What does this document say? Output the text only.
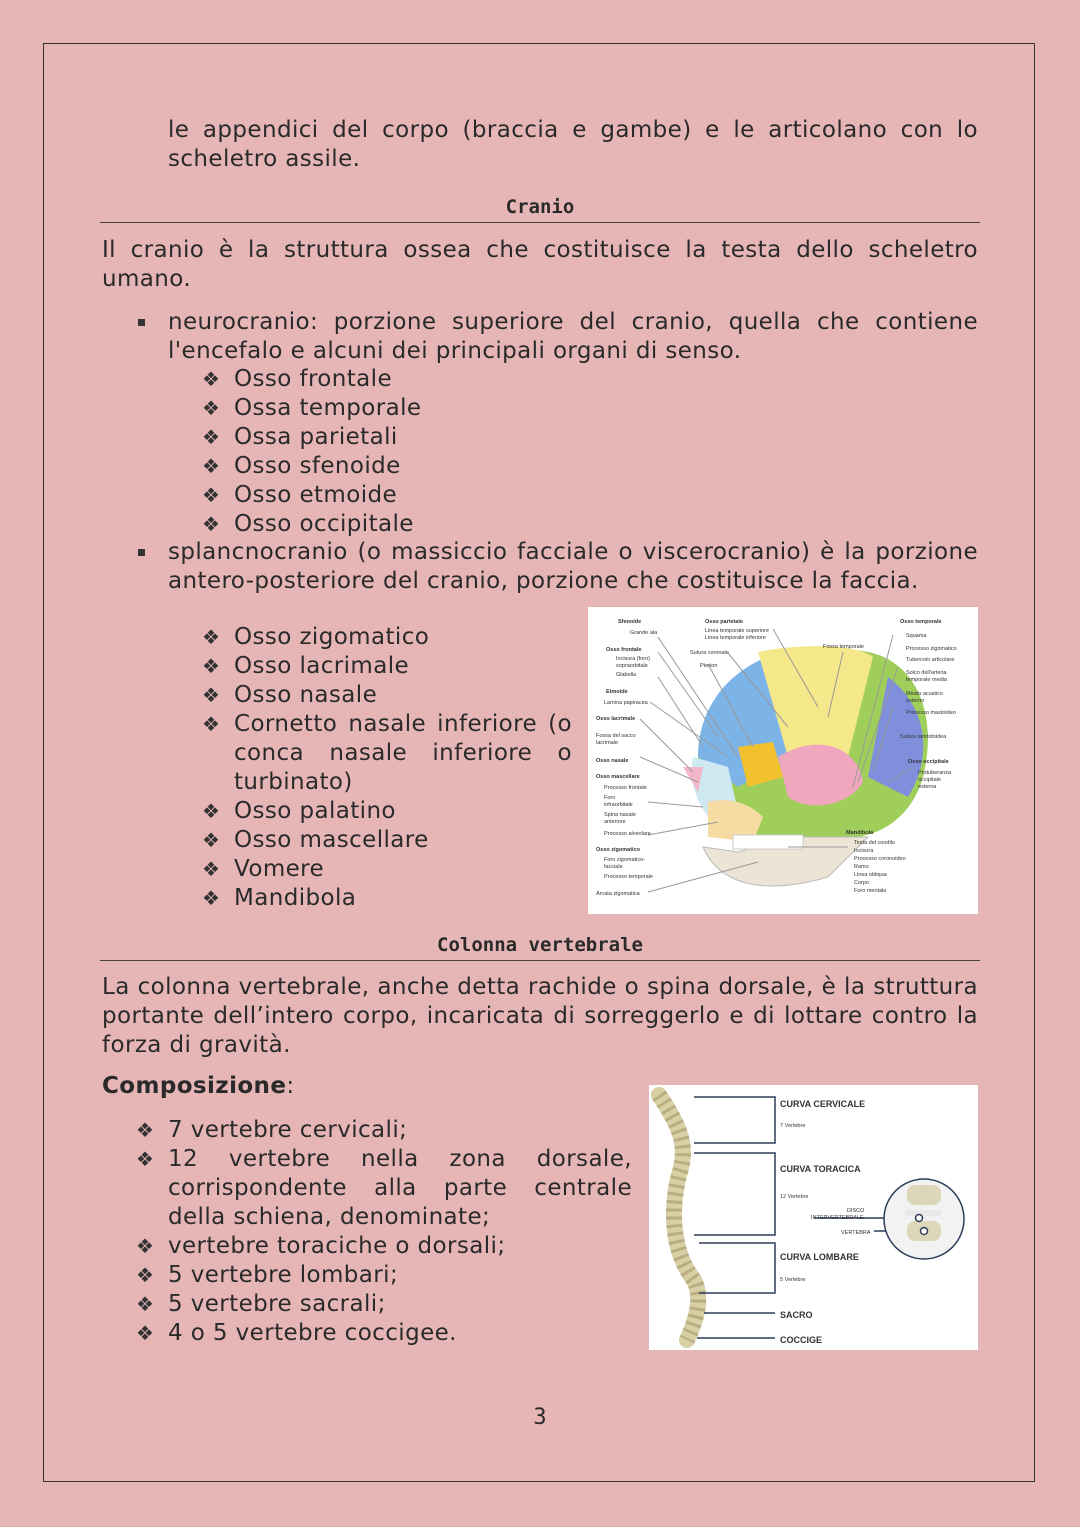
le appendici del corpo (braccia e gambe) e le articolano con lo scheletro assile.
Cranio
Il cranio è la struttura ossea che costituisce la testa dello scheletro umano.
neurocranio: porzione superiore del cranio, quella che contiene l'encefalo e alcuni dei principali organi di senso.
❖ Osso frontale
❖ Ossa temporale
❖ Ossa parietali
❖ Osso sfenoide
❖ Osso etmoide
❖ Osso occipitale
splancnocranio (o massiccio facciale o viscerocranio) è la porzione antero-posteriore del cranio, porzione che costituisce la faccia.
❖ Osso zigomatico
❖ Osso lacrimale
❖ Osso nasale
❖ Cornetto nasale inferiore (o conca nasale inferiore o turbinato)
❖ Osso palatino
❖ Osso mascellare
❖ Vomere
❖ Mandibola
Sfenoide
Grande ala
Osso frontale
Incisura (foro)
sopraorbitale
Glabella
Etmoide
Lamina papiracea
Osso lacrimale
Fossa del sacco
lacrimale
Osso nasale
Osso mascellare
Processo frontale
Foro
infraorbitale
Spina nasale
anteriore
Processo alveolare
Osso zigomatico
Foro zigomatico-
facciale
Processo temporale
Arcata zigomatica
Osso parietale
Linea temporale superiore
Linea temporale inferiore
Sutura coronale
Pterion
Fossa temporale
Osso temporale
Squama
Processo zigomatico
Tubercolo articolare
Solco dell'arteria
temporale media
Meato acustico
esterno
Processo mastoideo
Sutura lambdoidea
Osso occipitale
Protuberanza
occipitale
esterna
Mandibola
Testa del condilo
Incisura
Processo coronoideo
Ramo
Linea obliqua
Corpo
Foro mentale
Colonna vertebrale
La colonna vertebrale, anche detta rachide o spina dorsale, è la struttura portante dell’intero corpo, incaricata di sorreggerlo e di lottare contro la forza di gravità.
Composizione:
❖ 7 vertebre cervicali;
❖ 12 vertebre nella zona dorsale, corrispondente alla parte centrale della schiena, denominate;
❖ vertebre toraciche o dorsali;
❖ 5 vertebre lombari;
❖ 5 vertebre sacrali;
❖ 4 o 5 vertebre coccigee.
CURVA CERVICALE
CURVA TORACICA
CURVA LOMBARE
SACRO
COCCIGE
7 Vertebre
12 Vertebre
5 Vertebre
DISCO
INTERVERTEBRALE
VERTEBRA
3
